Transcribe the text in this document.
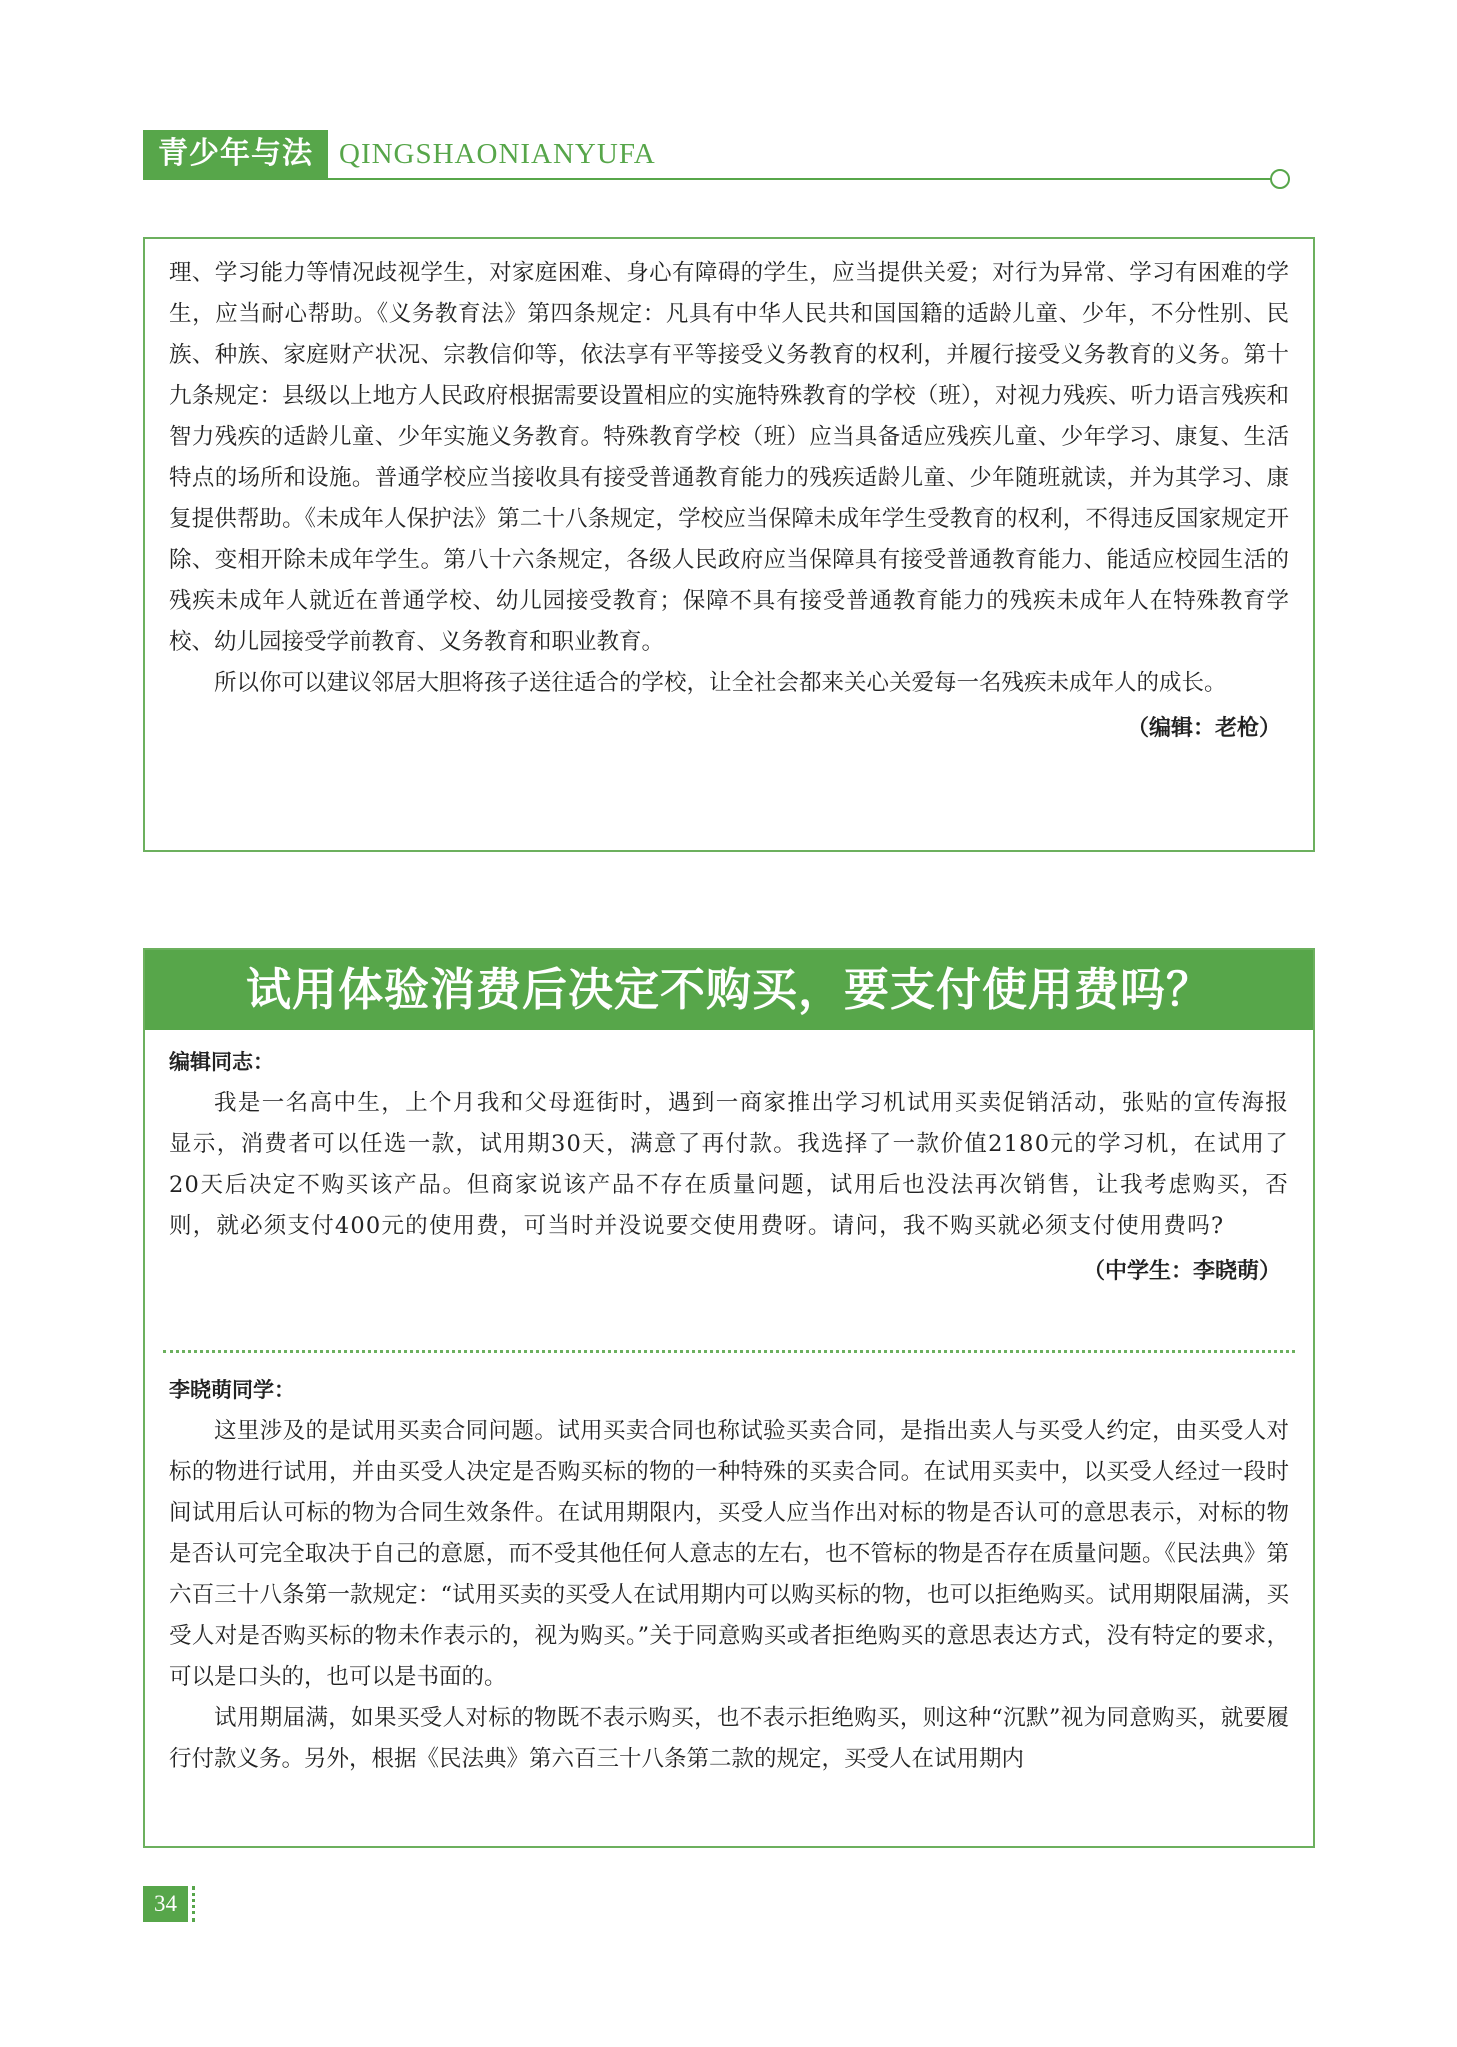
青少年与法 QINGSHAONIANYUFA

理、学习能力等情况歧视学生，对家庭困难、身心有障碍的学生，应当提供关爱；对行为异常、学习有困难的学生，应当耐心帮助。《义务教育法》第四条规定：凡具有中华人民共和国国籍的适龄儿童、少年，不分性别、民族、种族、家庭财产状况、宗教信仰等，依法享有平等接受义务教育的权利，并履行接受义务教育的义务。第十九条规定：县级以上地方人民政府根据需要设置相应的实施特殊教育的学校（班），对视力残疾、听力语言残疾和智力残疾的适龄儿童、少年实施义务教育。特殊教育学校（班）应当具备适应残疾儿童、少年学习、康复、生活特点的场所和设施。普通学校应当接收具有接受普通教育能力的残疾适龄儿童、少年随班就读，并为其学习、康复提供帮助。《未成年人保护法》第二十八条规定，学校应当保障未成年学生受教育的权利，不得违反国家规定开除、变相开除未成年学生。第八十六条规定，各级人民政府应当保障具有接受普通教育能力、能适应校园生活的残疾未成年人就近在普通学校、幼儿园接受教育；保障不具有接受普通教育能力的残疾未成年人在特殊教育学校、幼儿园接受学前教育、义务教育和职业教育。

所以你可以建议邻居大胆将孩子送往适合的学校，让全社会都来关心关爱每一名残疾未成年人的成长。

（编辑：老枪）
试用体验消费后决定不购买，要支付使用费吗？
编辑同志：

我是一名高中生，上个月我和父母逛街时，遇到一商家推出学习机试用买卖促销活动，张贴的宣传海报显示，消费者可以任选一款，试用期30天，满意了再付款。我选择了一款价值2180元的学习机，在试用了20天后决定不购买该产品。但商家说该产品不存在质量问题，试用后也没法再次销售，让我考虑购买，否则，就必须支付400元的使用费，可当时并没说要交使用费呀。请问，我不购买就必须支付使用费吗?

（中学生：李晓萌）
李晓萌同学：

这里涉及的是试用买卖合同问题。试用买卖合同也称试验买卖合同，是指出卖人与买受人约定，由买受人对标的物进行试用，并由买受人决定是否购买标的物的一种特殊的买卖合同。在试用买卖中，以买受人经过一段时间试用后认可标的物为合同生效条件。在试用期限内，买受人应当作出对标的物是否认可的意思表示，对标的物是否认可完全取决于自己的意愿，而不受其他任何人意志的左右，也不管标的物是否存在质量问题。《民法典》第六百三十八条第一款规定：“试用买卖的买受人在试用期内可以购买标的物，也可以拒绝购买。试用期限届满，买受人对是否购买标的物未作表示的，视为购买。”关于同意购买或者拒绝购买的意思表达方式，没有特定的要求，可以是口头的，也可以是书面的。

试用期届满，如果买受人对标的物既不表示购买，也不表示拒绝购买，则这种“沉默”视为同意购买，就要履行付款义务。另外，根据《民法典》第六百三十八条第二款的规定，买受人在试用期内

34
